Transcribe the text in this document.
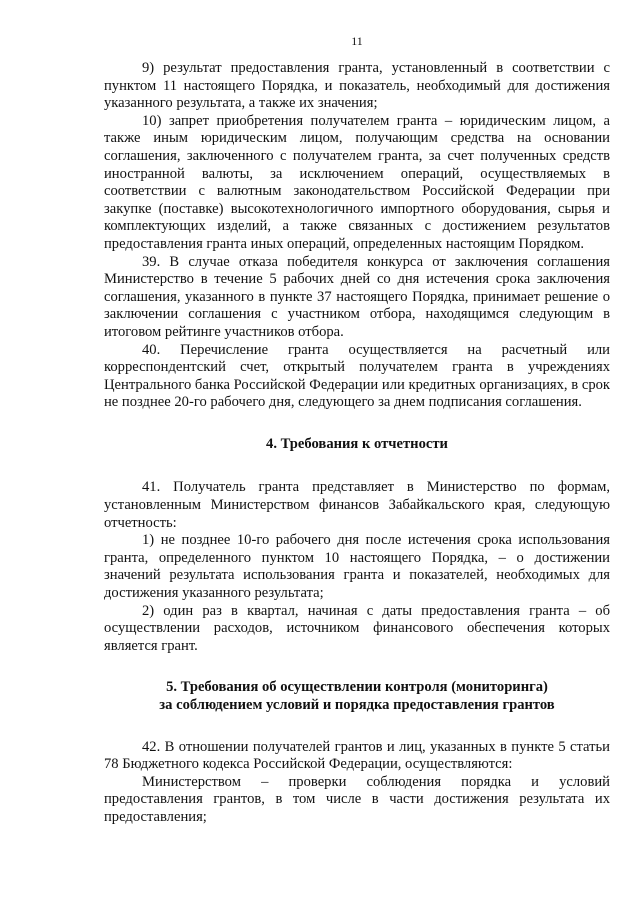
11

9) результат предоставления гранта, установленный в соответствии с пунктом 11 настоящего Порядка, и показатель, необходимый для достижения указанного результата, а также их значения;

10) запрет приобретения получателем гранта – юридическим лицом, а также иным юридическим лицом, получающим средства на основании соглашения, заключенного с получателем гранта, за счет полученных средств иностранной валюты, за исключением операций, осуществляемых в соответствии с валютным законодательством Российской Федерации при закупке (поставке) высокотехнологичного импортного оборудования, сырья и комплектующих изделий, а также связанных с достижением результатов предоставления гранта иных операций, определенных настоящим Порядком.

39. В случае отказа победителя конкурса от заключения соглашения Министерство в течение 5 рабочих дней со дня истечения срока заключения соглашения, указанного в пункте 37 настоящего Порядка, принимает решение о заключении соглашения с участником отбора, находящимся следующим в итоговом рейтинге участников отбора.

40. Перечисление гранта осуществляется на расчетный или корреспондентский счет, открытый получателем гранта в учреждениях Центрального банка Российской Федерации или кредитных организациях, в срок не позднее 20-го рабочего дня, следующего за днем подписания соглашения.

4. Требования к отчетности

41. Получатель гранта представляет в Министерство по формам, установленным Министерством финансов Забайкальского края, следующую отчетность:

1) не позднее 10-го рабочего дня после истечения срока использования гранта, определенного пунктом 10 настоящего Порядка, – о достижении значений результата использования гранта и показателей, необходимых для достижения указанного результата;

2) один раз в квартал, начиная с даты предоставления гранта – об осуществлении расходов, источником финансового обеспечения которых является грант.

5. Требования об осуществлении контроля (мониторинга)
за соблюдением условий и порядка предоставления грантов

42. В отношении получателей грантов и лиц, указанных в пункте 5 статьи 78 Бюджетного кодекса Российской Федерации, осуществляются:

Министерством – проверки соблюдения порядка и условий предоставления грантов, в том числе в части достижения результата их предоставления;
